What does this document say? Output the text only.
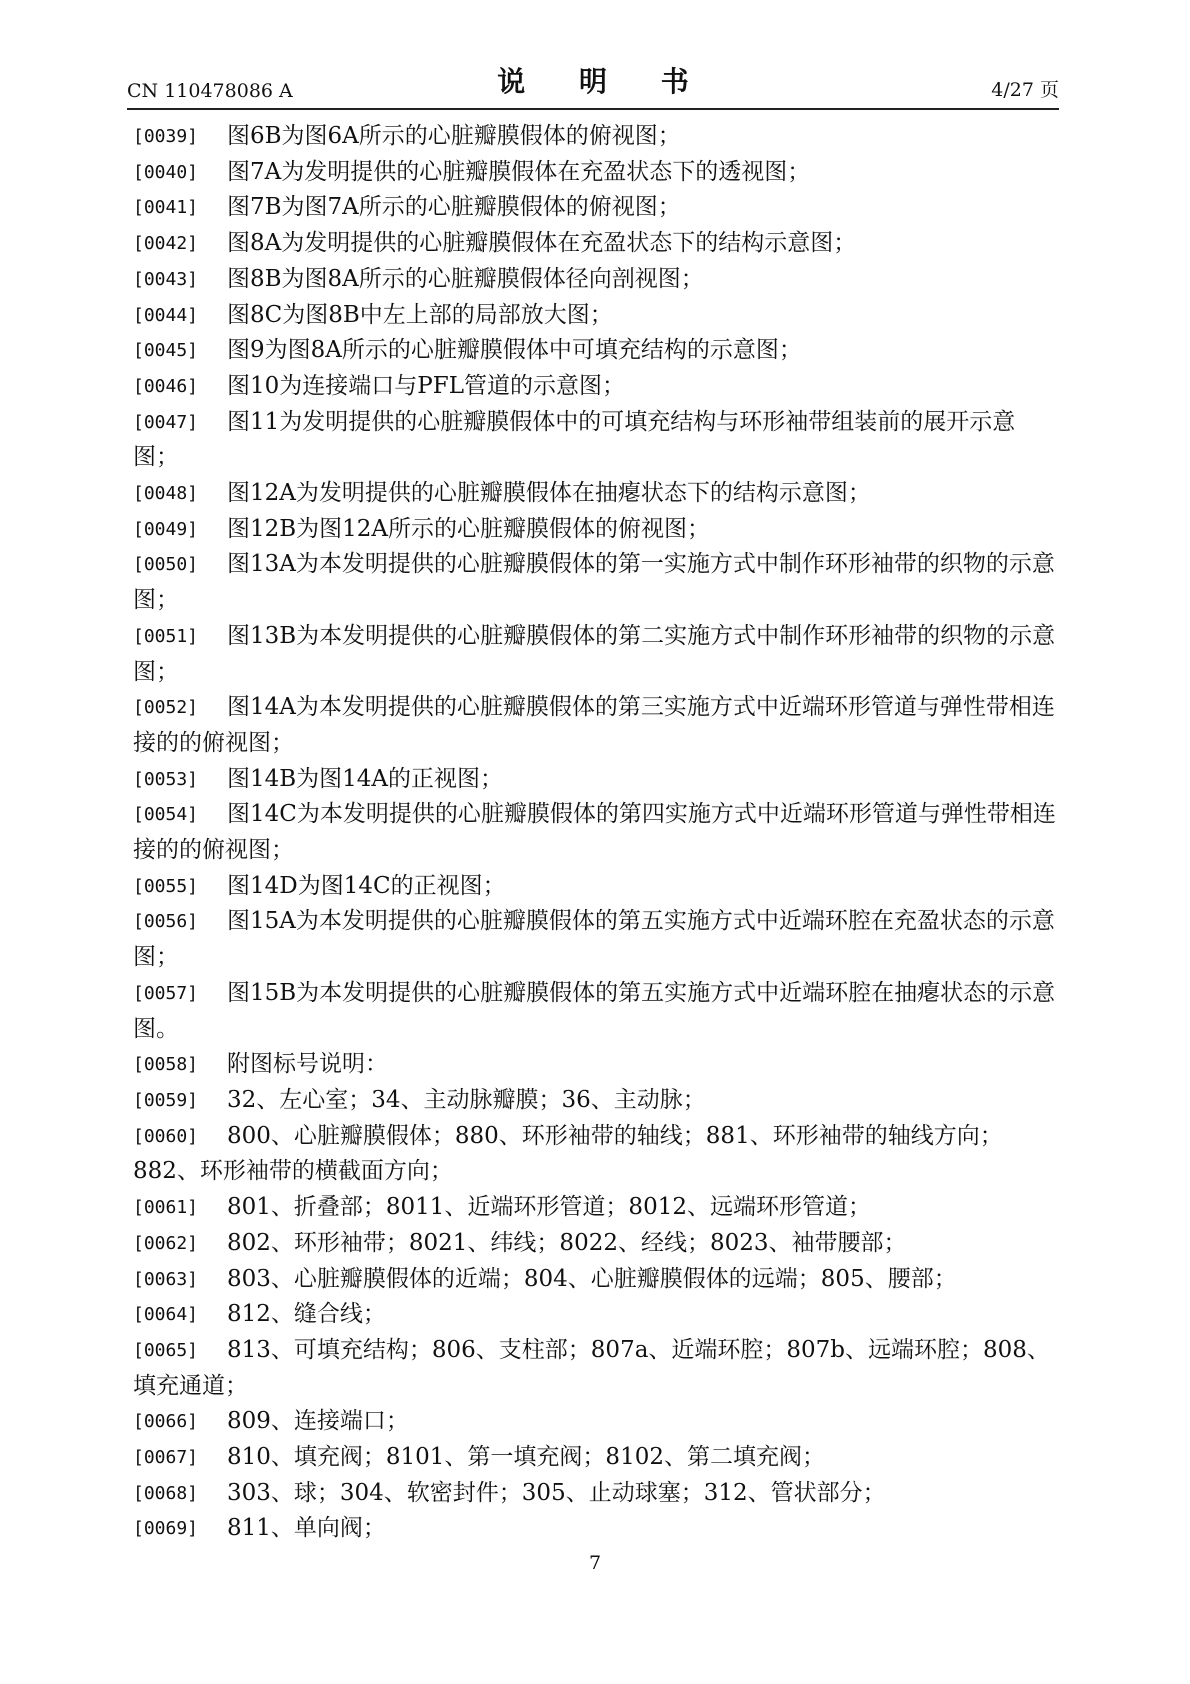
CN 110478086 A	说 明 书	4/27 页
[0039]	图6B为图6A所示的心脏瓣膜假体的俯视图；
[0040]	图7A为发明提供的心脏瓣膜假体在充盈状态下的透视图；
[0041]	图7B为图7A所示的心脏瓣膜假体的俯视图；
[0042]	图8A为发明提供的心脏瓣膜假体在充盈状态下的结构示意图；
[0043]	图8B为图8A所示的心脏瓣膜假体径向剖视图；
[0044]	图8C为图8B中左上部的局部放大图；
[0045]	图9为图8A所示的心脏瓣膜假体中可填充结构的示意图；
[0046]	图10为连接端口与PFL管道的示意图；
[0047]	图11为发明提供的心脏瓣膜假体中的可填充结构与环形袖带组装前的展开示意图；
[0048]	图12A为发明提供的心脏瓣膜假体在抽瘪状态下的结构示意图；
[0049]	图12B为图12A所示的心脏瓣膜假体的俯视图；
[0050]	图13A为本发明提供的心脏瓣膜假体的第一实施方式中制作环形袖带的织物的示意图；
[0051]	图13B为本发明提供的心脏瓣膜假体的第二实施方式中制作环形袖带的织物的示意图；
[0052]	图14A为本发明提供的心脏瓣膜假体的第三实施方式中近端环形管道与弹性带相连接的的俯视图；
[0053]	图14B为图14A的正视图；
[0054]	图14C为本发明提供的心脏瓣膜假体的第四实施方式中近端环形管道与弹性带相连接的的俯视图；
[0055]	图14D为图14C的正视图；
[0056]	图15A为本发明提供的心脏瓣膜假体的第五实施方式中近端环腔在充盈状态的示意图；
[0057]	图15B为本发明提供的心脏瓣膜假体的第五实施方式中近端环腔在抽瘪状态的示意图。
[0058]	附图标号说明：
[0059]	32、左心室；34、主动脉瓣膜；36、主动脉；
[0060]	800、心脏瓣膜假体；880、环形袖带的轴线；881、环形袖带的轴线方向；882、环形袖带的横截面方向；
[0061]	801、折叠部；8011、近端环形管道；8012、远端环形管道；
[0062]	802、环形袖带；8021、纬线；8022、经线；8023、袖带腰部；
[0063]	803、心脏瓣膜假体的近端；804、心脏瓣膜假体的远端；805、腰部；
[0064]	812、缝合线；
[0065]	813、可填充结构；806、支柱部；807a、近端环腔；807b、远端环腔；808、填充通道；
[0066]	809、连接端口；
[0067]	810、填充阀；8101、第一填充阀；8102、第二填充阀；
[0068]	303、球；304、软密封件；305、止动球塞；312、管状部分；
[0069]	811、单向阀；
7
